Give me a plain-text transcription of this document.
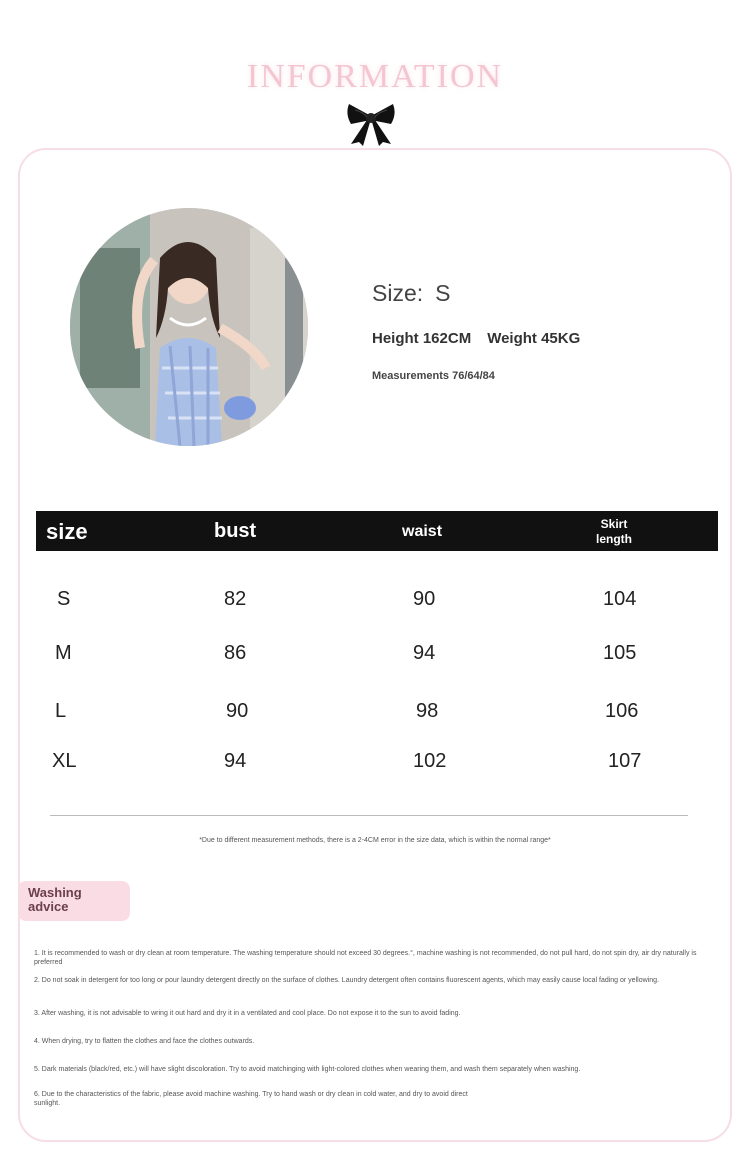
INFORMATION
Size: S
Height 162CM Weight 45KG
Measurements 76/64/84
size	bust	waist	Skirt
length
S	82	90	104
M	86	94	105
L	90	98	106
XL	94	102	107
*Due to different measurement methods, there is a 2-4CM error in the size data, which is within the normal range*
Washing
advice
1. It is recommended to wash or dry clean at room temperature. The washing temperature should not exceed 30 degrees.°, machine washing is not recommended, do not pull hard, do not spin dry, air dry naturally is preferred
2. Do not soak in detergent for too long or pour laundry detergent directly on the surface of clothes. Laundry detergent often contains fluorescent agents, which may easily cause local fading or yellowing.
3. After washing, it is not advisable to wring it out hard and dry it in a ventilated and cool place. Do not expose it to the sun to avoid fading.
4. When drying, try to flatten the clothes and face the clothes outwards.
5. Dark materials (black/red, etc.) will have slight discoloration. Try to avoid matchinging with light-colored clothes when wearing them, and wash them separately when washing.
6. Due to the characteristics of the fabric, please avoid machine washing. Try to hand wash or dry clean in cold water, and dry to avoid direct sunlight.
